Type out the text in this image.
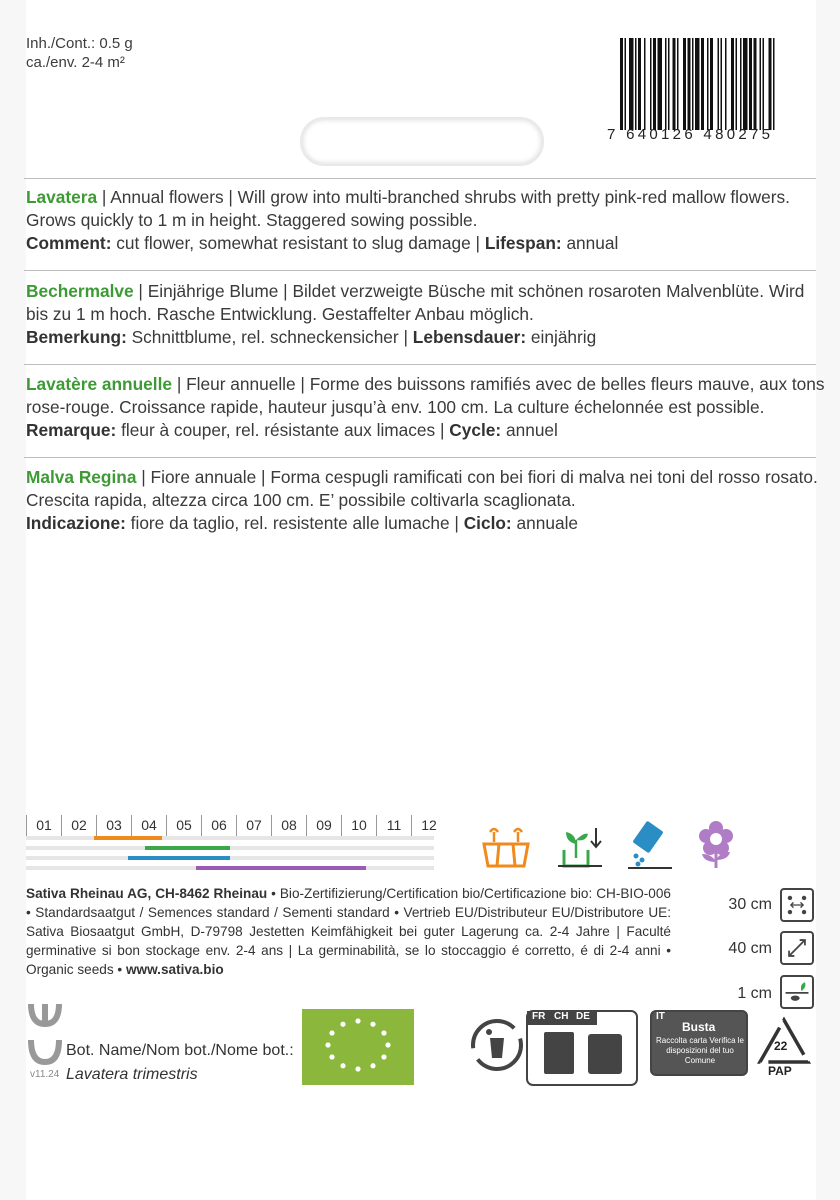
Inh./Cont.: 0.5 g
ca./env. 2-4 m²
7 640126 480275
Lavatera | Annual flowers | Will grow into multi-branched shrubs with pretty pink-red mallow flowers. Grows quickly to 1 m in height. Staggered sowing possible.
Comment: cut flower, somewhat resistant to slug damage | Lifespan: annual
Bechermalve | Einjährige Blume | Bildet verzweigte Büsche mit schönen rosaroten Malvenblüte. Wird bis zu 1 m hoch. Rasche Entwicklung. Gestaffelter Anbau möglich.
Bemerkung: Schnittblume, rel. schneckensicher | Lebensdauer: einjährig
Lavatère annuelle | Fleur annuelle | Forme des buissons ramifiés avec de belles fleurs mauve, aux tons rose-rouge. Croissance rapide, hauteur jusqu’à env. 100 cm. La culture échelonnée est possible.
Remarque: fleur à couper, rel. résistante aux limaces | Cycle: annuel
Malva Regina | Fiore annuale | Forma cespugli ramificati con bei fiori di malva nei toni del rosso rosato. Crescita rapida, altezza circa 100 cm. E’ possibile coltivarla scaglionata.
Indicazione: fiore da taglio, rel. resistente alle lumache | Ciclo: annuale
01	02	03	04	05	06	07	08	09	10	11	12
Sativa Rheinau AG, CH-8462 Rheinau • Bio-Zertifizierung/Certification bio/Certificazione bio: CH-BIO-006 • Standardsaatgut / Semences standard / Sementi standard • Vertrieb EU/Distributeur EU/Distributore UE: Sativa Biosaatgut GmbH, D-79798 Jestetten Keimfähigkeit bei guter Lagerung ca. 2-4 Jahre | Faculté germinative si bon stockage env. 2-4 ans | La germinabilità, se lo stoccaggio é corretto, é di 2-4 anni • Organic seeds • www.sativa.bio
30 cm
40 cm
1 cm
v11.24
Bot. Name/Nom bot./Nome bot.:
Lavatera trimestris
FR CH DE	IT
Busta
Raccolta carta Verifica le disposizioni del tuo Comune
22
PAP
